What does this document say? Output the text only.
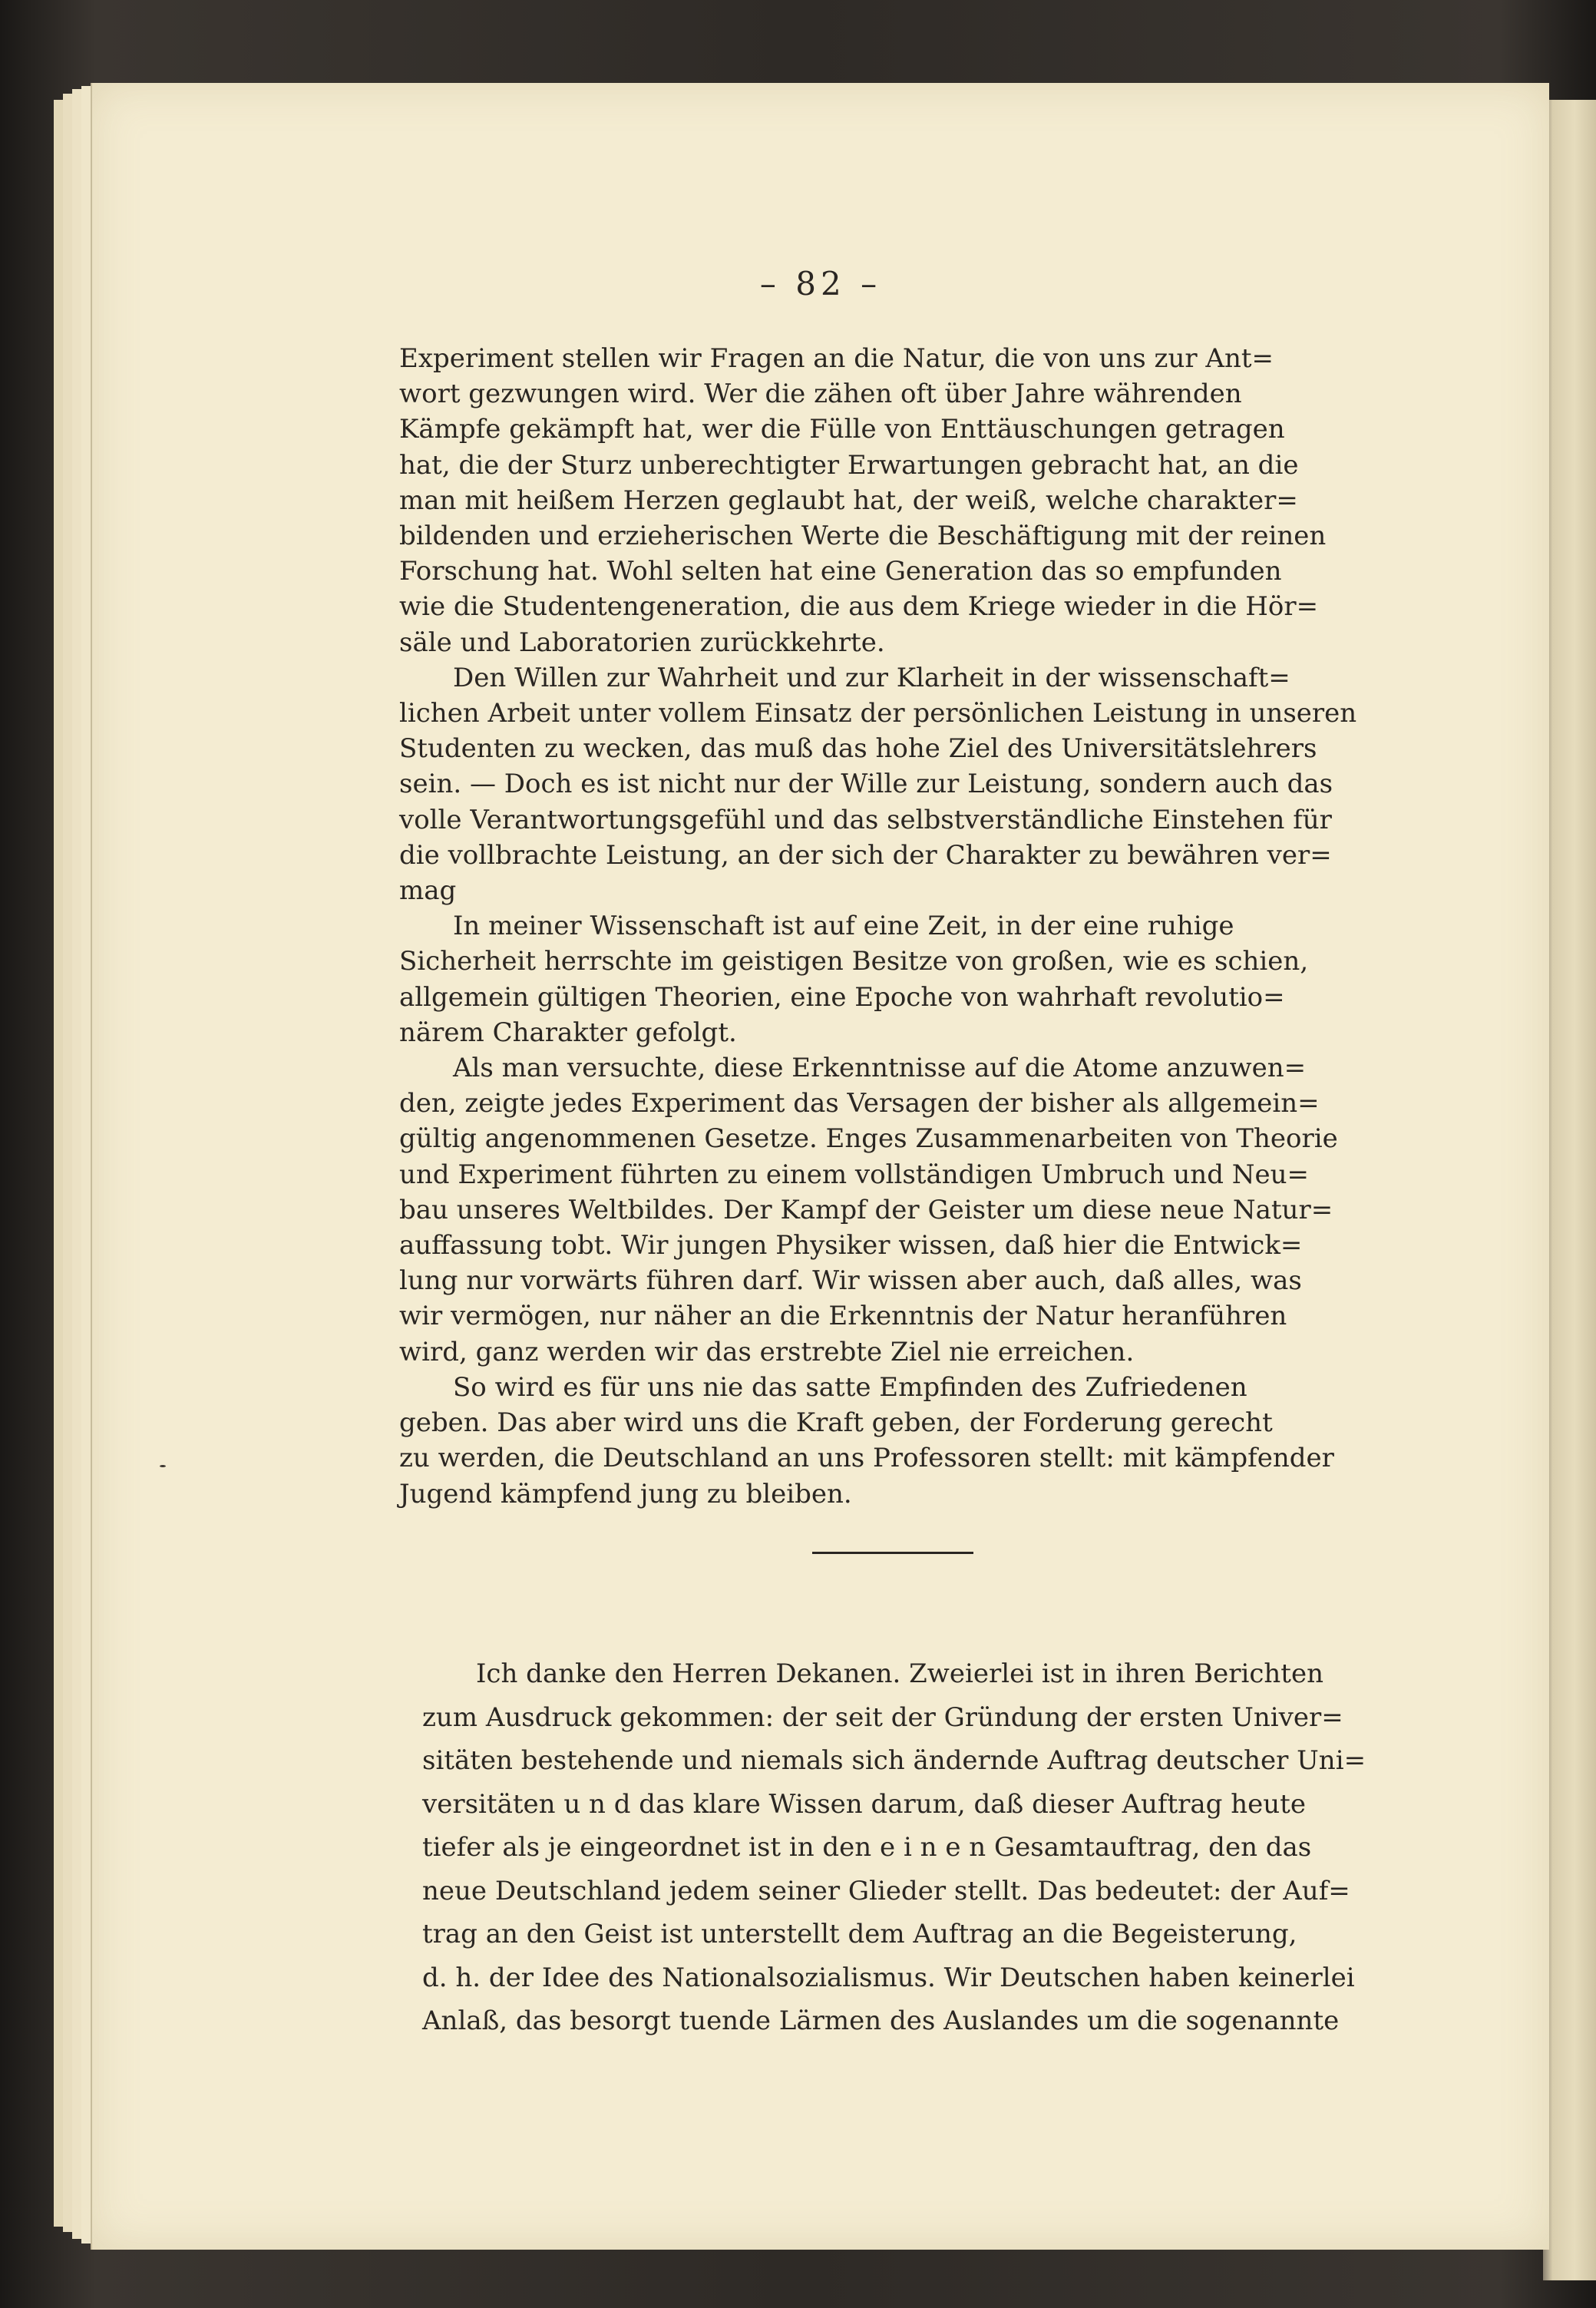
– 82 –

Experiment stellen wir Fragen an die Natur, die von uns zur Ant=
wort gezwungen wird. Wer die zähen oft über Jahre währenden
Kämpfe gekämpft hat, wer die Fülle von Enttäuschungen getragen
hat, die der Sturz unberechtigter Erwartungen gebracht hat, an die
man mit heißem Herzen geglaubt hat, der weiß, welche charakter=
bildenden und erzieherischen Werte die Beschäftigung mit der reinen
Forschung hat. Wohl selten hat eine Generation das so empfunden
wie die Studentengeneration, die aus dem Kriege wieder in die Hör=
säle und Laboratorien zurückkehrte.

Den Willen zur Wahrheit und zur Klarheit in der wissenschaft=
lichen Arbeit unter vollem Einsatz der persönlichen Leistung in unseren
Studenten zu wecken, das muß das hohe Ziel des Universitätslehrers
sein. — Doch es ist nicht nur der Wille zur Leistung, sondern auch das
volle Verantwortungsgefühl und das selbstverständliche Einstehen für
die vollbrachte Leistung, an der sich der Charakter zu bewähren ver=
mag

In meiner Wissenschaft ist auf eine Zeit, in der eine ruhige
Sicherheit herrschte im geistigen Besitze von großen, wie es schien,
allgemein gültigen Theorien, eine Epoche von wahrhaft revolutio=
närem Charakter gefolgt.

Als man versuchte, diese Erkenntnisse auf die Atome anzuwen=
den, zeigte jedes Experiment das Versagen der bisher als allgemein=
gültig angenommenen Gesetze. Enges Zusammenarbeiten von Theorie
und Experiment führten zu einem vollständigen Umbruch und Neu=
bau unseres Weltbildes. Der Kampf der Geister um diese neue Natur=
auffassung tobt. Wir jungen Physiker wissen, daß hier die Entwick=
lung nur vorwärts führen darf. Wir wissen aber auch, daß alles, was
wir vermögen, nur näher an die Erkenntnis der Natur heranführen
wird, ganz werden wir das erstrebte Ziel nie erreichen.

So wird es für uns nie das satte Empfinden des Zufriedenen
geben. Das aber wird uns die Kraft geben, der Forderung gerecht
zu werden, die Deutschland an uns Professoren stellt: mit kämpfender
Jugend kämpfend jung zu bleiben.

Ich danke den Herren Dekanen. Zweierlei ist in ihren Berichten
zum Ausdruck gekommen: der seit der Gründung der ersten Univer=
sitäten bestehende und niemals sich ändernde Auftrag deutscher Uni=
versitäten u n d das klare Wissen darum, daß dieser Auftrag heute
tiefer als je eingeordnet ist in den e i n e n Gesamtauftrag, den das
neue Deutschland jedem seiner Glieder stellt. Das bedeutet: der Auf=
trag an den Geist ist unterstellt dem Auftrag an die Begeisterung,
d. h. der Idee des Nationalsozialismus. Wir Deutschen haben keinerlei
Anlaß, das besorgt tuende Lärmen des Auslandes um die sogenannte
